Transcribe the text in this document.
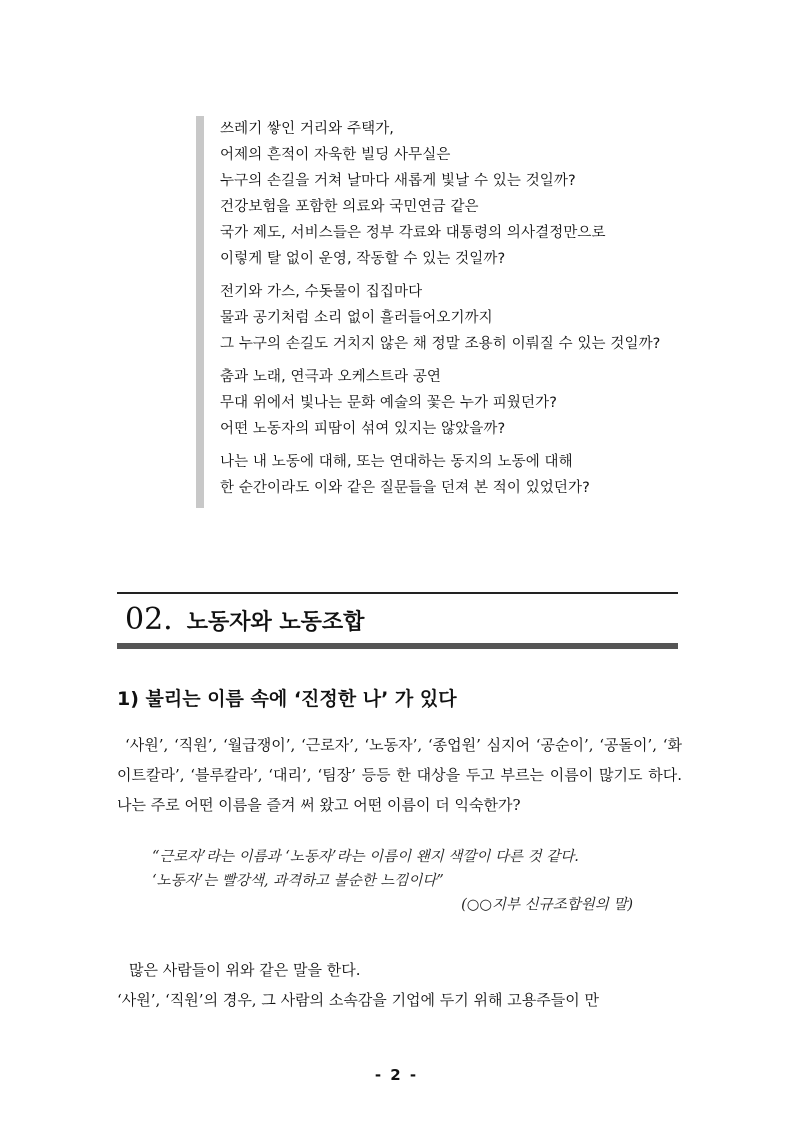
쓰레기 쌓인 거리와 주택가,
어제의 흔적이 자욱한 빌딩 사무실은
누구의 손길을 거쳐 날마다 새롭게 빛날 수 있는 것일까?
건강보험을 포함한 의료와 국민연금 같은
국가 제도, 서비스들은 정부 각료와 대통령의 의사결정만으로
이렇게 탈 없이 운영, 작동할 수 있는 것일까?
전기와 가스, 수돗물이 집집마다
물과 공기처럼 소리 없이 흘러들어오기까지
그 누구의 손길도 거치지 않은 채 정말 조용히 이뤄질 수 있는 것일까?
춤과 노래, 연극과 오케스트라 공연
무대 위에서 빛나는 문화 예술의 꽃은 누가 피웠던가?
어떤 노동자의 피땀이 섞여 있지는 않았을까?
나는 내 노동에 대해, 또는 연대하는 동지의 노동에 대해
한 순간이라도 이와 같은 질문들을 던져 본 적이 있었던가?
02. 노동자와 노동조합
1) 불리는 이름 속에 ‘진정한 나’ 가 있다
‘사원’, ‘직원’, ‘월급쟁이’, ‘근로자’, ‘노동자’, ‘종업원’ 심지어 ‘공순이’, ‘공돌이’, ‘화이트칼라’, ‘블루칼라’, ‘대리’, ‘팀장’ 등등 한 대상을 두고 부르는 이름이 많기도 하다. 나는 주로 어떤 이름을 즐겨 써 왔고 어떤 이름이 더 익숙한가?
“근로자’라는 이름과 ‘노동자’라는 이름이 왠지 색깔이 다른 것 같다.
‘노동자’는 빨강색, 과격하고 불순한 느낌이다”
(○○지부 신규조합원의 말)
많은 사람들이 위와 같은 말을 한다.
‘사원’, ‘직원’의 경우, 그 사람의 소속감을 기업에 두기 위해 고용주들이 만
- 2 -
